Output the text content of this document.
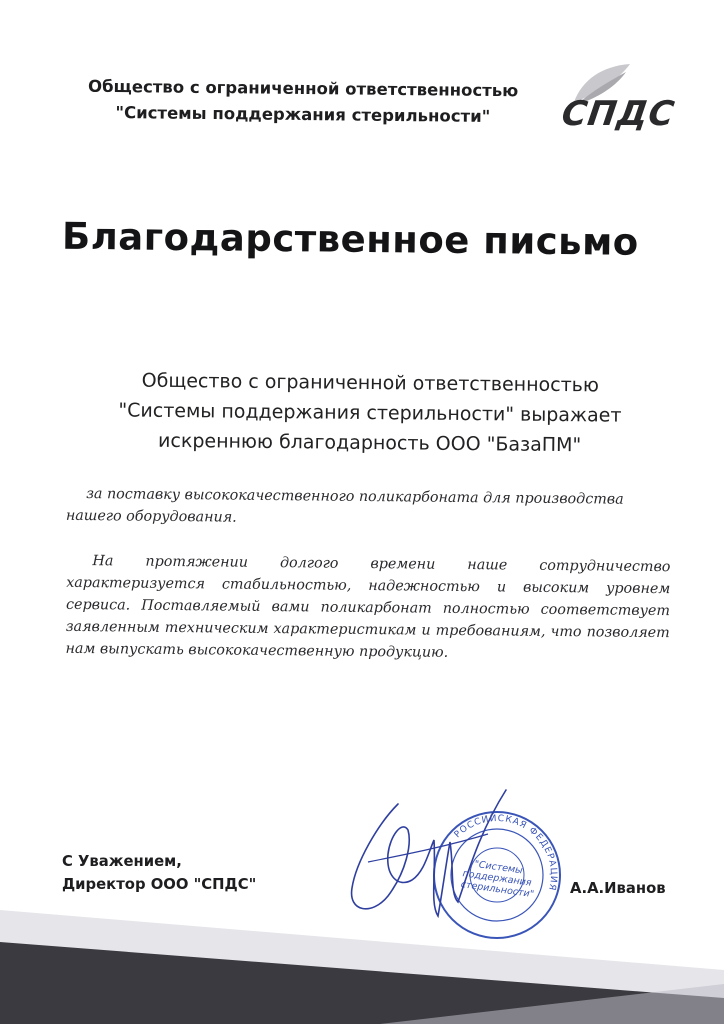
Общество с ограниченной ответственностью
"Системы поддержания стерильности"	СПДС
Благодарственное письмо
Общество с ограниченной ответственностью
"Системы поддержания стерильности" выражает
искреннюю благодарность ООО "БазаПМ"
за поставку высококачественного поликарбоната для производства нашего оборудования.
На протяжении долгого времени наше сотрудничество характеризуется стабильностью, надежностью и высоким уровнем сервиса. Поставляемый вами поликарбонат полностью соответствует заявленным техническим характеристикам и требованиям, что позволяет нам выпускать высококачественную продукцию.
С Уважением,
Директор ООО "СПДС"
РОССИЙСКАЯ ФЕДЕРАЦИЯ
"Системы поддержания стерильности" А.А.Иванов
